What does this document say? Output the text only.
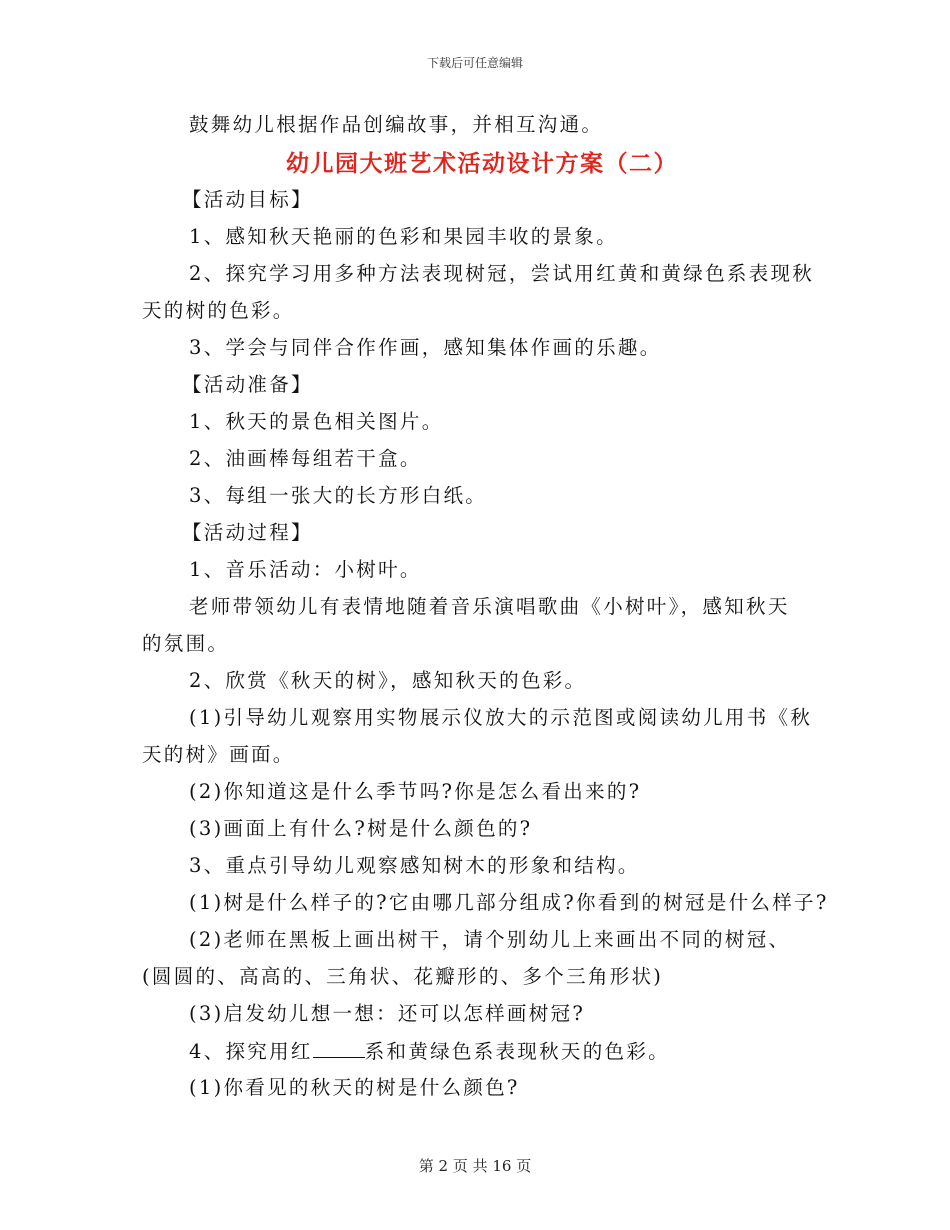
下载后可任意编辑
鼓舞幼儿根据作品创编故事，并相互沟通。
幼儿园大班艺术活动设计方案（二）
【活动目标】
1、感知秋天艳丽的色彩和果园丰收的景象。
2、探究学习用多种方法表现树冠，尝试用红黄和黄绿色系表现秋
天的树的色彩。
3、学会与同伴合作作画，感知集体作画的乐趣。
【活动准备】
1、秋天的景色相关图片。
2、油画棒每组若干盒。
3、每组一张大的长方形白纸。
【活动过程】
1、音乐活动：小树叶。
老师带领幼儿有表情地随着音乐演唱歌曲《小树叶》，感知秋天
的氛围。
2、欣赏《秋天的树》，感知秋天的色彩。
(1)引导幼儿观察用实物展示仪放大的示范图或阅读幼儿用书《秋
天的树》画面。
(2)你知道这是什么季节吗?你是怎么看出来的?
(3)画面上有什么?树是什么颜色的?
3、重点引导幼儿观察感知树木的形象和结构。
(1)树是什么样子的?它由哪几部分组成?你看到的树冠是什么样子?
(2)老师在黑板上画出树干，请个别幼儿上来画出不同的树冠、
(圆圆的、高高的、三角状、花瓣形的、多个三角形状)
(3)启发幼儿想一想：还可以怎样画树冠?
4、探究用红	系和黄绿色系表现秋天的色彩。
(1)你看见的秋天的树是什么颜色?
第 2 页 共 16 页
